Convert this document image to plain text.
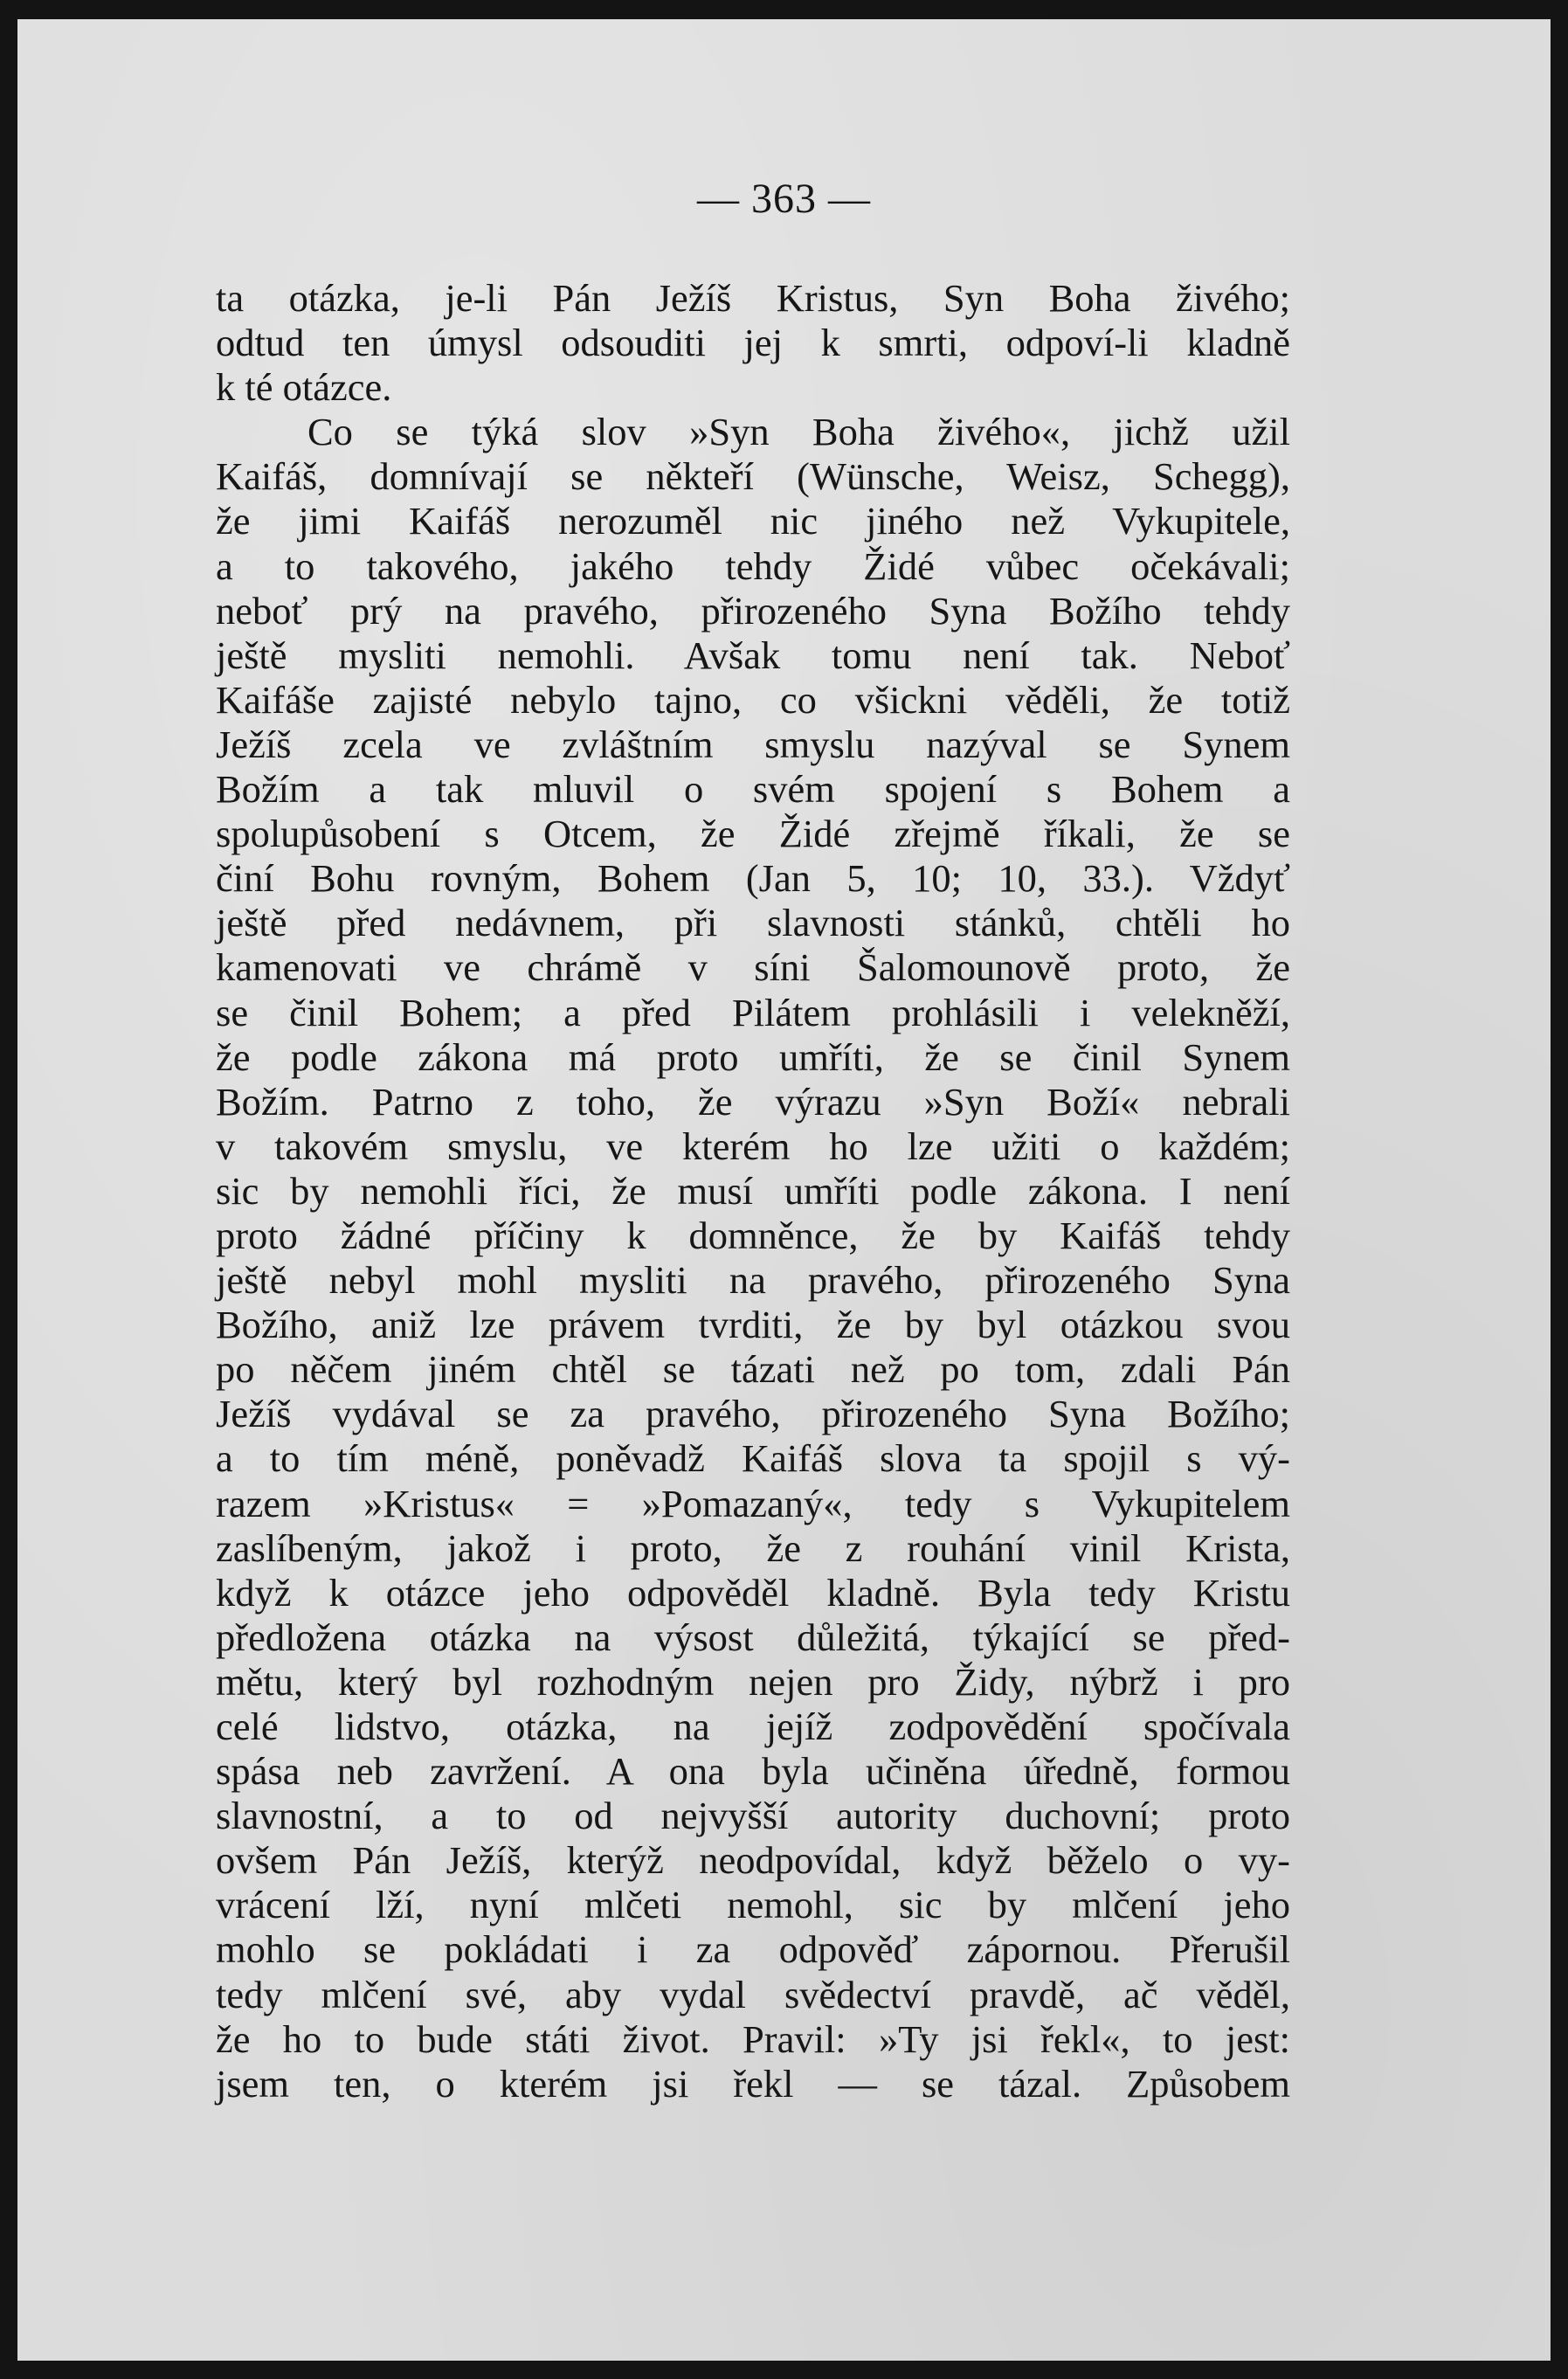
— 363 —
ta otázka, je-li Pán Ježíš Kristus, Syn Boha živého;
odtud ten úmysl odsouditi jej k smrti, odpoví-li kladně
k té otázce.
Co se týká slov »Syn Boha živého«, jichž užil
Kaifáš, domnívají se někteří (Wünsche, Weisz, Schegg),
že jimi Kaifáš nerozuměl nic jiného než Vykupitele,
a to takového, jakého tehdy Židé vůbec očekávali;
neboť prý na pravého, přirozeného Syna Božího tehdy
ještě mysliti nemohli. Avšak tomu není tak. Neboť
Kaifáše zajisté nebylo tajno, co všickni věděli, že totiž
Ježíš zcela ve zvláštním smyslu nazýval se Synem
Božím a tak mluvil o svém spojení s Bohem a
spolupůsobení s Otcem, že Židé zřejmě říkali, že se
činí Bohu rovným, Bohem (Jan 5, 10; 10, 33.). Vždyť
ještě před nedávnem, při slavnosti stánků, chtěli ho
kamenovati ve chrámě v síni Šalomounově proto, že
se činil Bohem; a před Pilátem prohlásili i velekněží,
že podle zákona má proto umříti, že se činil Synem
Božím. Patrno z toho, že výrazu »Syn Boží« nebrali
v takovém smyslu, ve kterém ho lze užiti o každém;
sic by nemohli říci, že musí umříti podle zákona. I není
proto žádné příčiny k domněnce, že by Kaifáš tehdy
ještě nebyl mohl mysliti na pravého, přirozeného Syna
Božího, aniž lze právem tvrditi, že by byl otázkou svou
po něčem jiném chtěl se tázati než po tom, zdali Pán
Ježíš vydával se za pravého, přirozeného Syna Božího;
a to tím méně, poněvadž Kaifáš slova ta spojil s vý-
razem »Kristus« = »Pomazaný«, tedy s Vykupitelem
zaslíbeným, jakož i proto, že z rouhání vinil Krista,
když k otázce jeho odpověděl kladně. Byla tedy Kristu
předložena otázka na výsost důležitá, týkající se před-
mětu, který byl rozhodným nejen pro Židy, nýbrž i pro
celé lidstvo, otázka, na jejíž zodpovědění spočívala
spása neb zavržení. A ona byla učiněna úředně, formou
slavnostní, a to od nejvyšší autority duchovní; proto
ovšem Pán Ježíš, kterýž neodpovídal, když běželo o vy-
vrácení lží, nyní mlčeti nemohl, sic by mlčení jeho
mohlo se pokládati i za odpověď zápornou. Přerušil
tedy mlčení své, aby vydal svědectví pravdě, ač věděl,
že ho to bude státi život. Pravil: »Ty jsi řekl«, to jest:
jsem ten, o kterém jsi řekl — se tázal. Způsobem
